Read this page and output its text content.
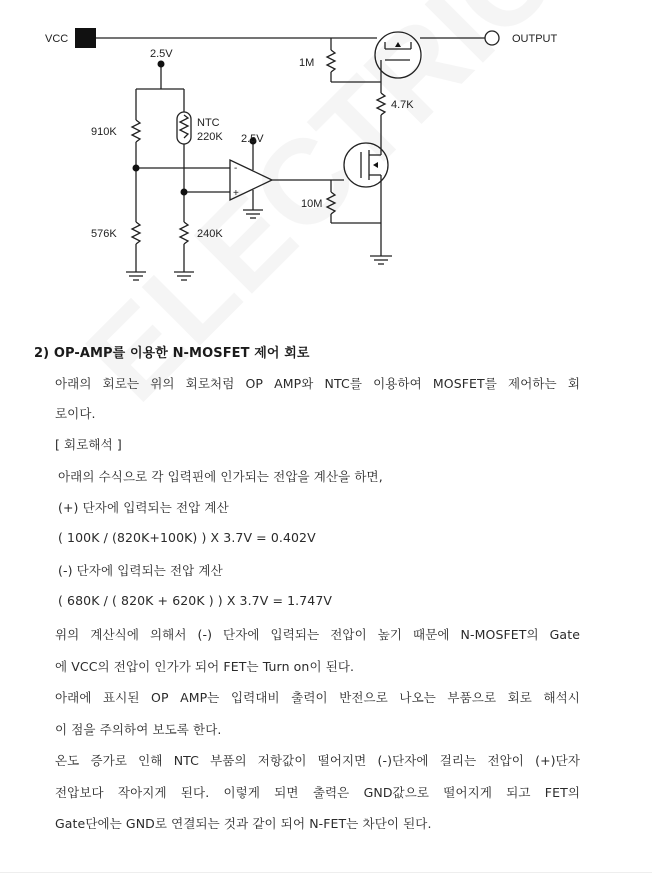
VCC	OUTPUT
2.5V
2.5V
1M
4.7K
910K
NTC
220K
10M
576K	240K
-
+
2) OP-AMP를 이용한 N-MOSFET 제어 회로
아래의 회로는 위의 회로처럼 OP AMP와 NTC를 이용하여 MOSFET를 제어하는 회
로이다.
[ 회로해석 ]
아래의 수식으로 각 입력핀에 인가되는 전압을 계산을 하면,
(+) 단자에 입력되는 전압 계산
( 100K / (820K+100K) ) X 3.7V = 0.402V
(-) 단자에 입력되는 전압 계산
( 680K / ( 820K + 620K ) ) X 3.7V = 1.747V
위의 계산식에 의해서 (-) 단자에 입력되는 전압이 높기 때문에 N-MOSFET의 Gate
에 VCC의 전압이 인가가 되어 FET는 Turn on이 된다.
아래에 표시된 OP AMP는 입력대비 출력이 반전으로 나오는 부품으로 회로 해석시
이 점을 주의하여 보도록 한다.
온도 증가로 인해 NTC 부품의 저항값이 떨어지면 (-)단자에 걸리는 전압이 (+)단자
전압보다 작아지게 된다. 이렇게 되면 출력은 GND값으로 떨어지게 되고 FET의
Gate단에는 GND로 연결되는 것과 같이 되어 N-FET는 차단이 된다.
